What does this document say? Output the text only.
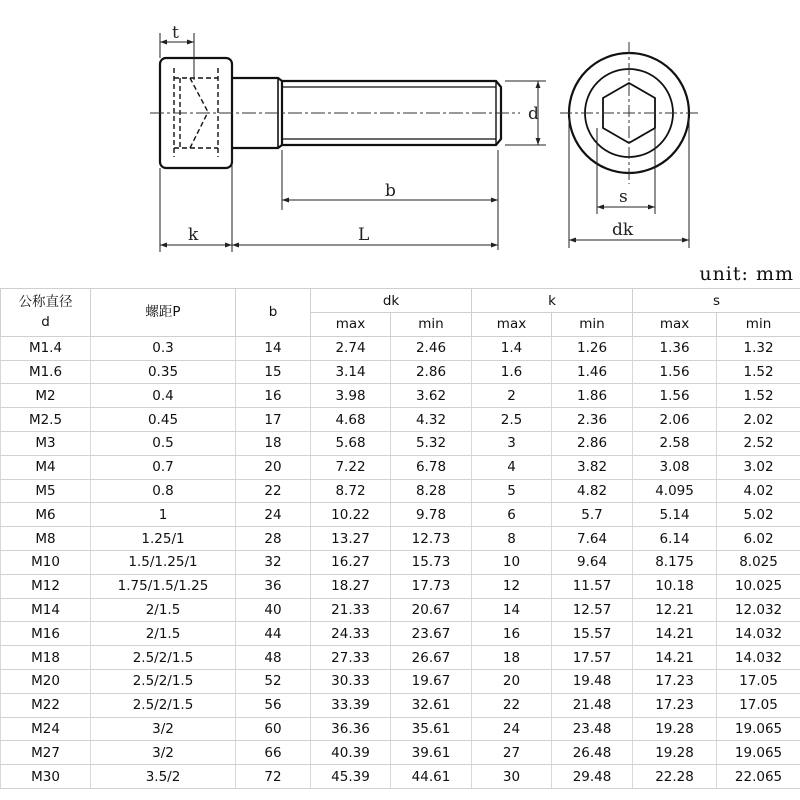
t
d
b
k	L
s
dk
unit: mm
公称直径
d	螺距P	b	dk		k		s	
			max	min	max	min	max	min
M1.4	0.3	14	2.74	2.46	1.4	1.26	1.36	1.32
M1.6	0.35	15	3.14	2.86	1.6	1.46	1.56	1.52
M2	0.4	16	3.98	3.62	2	1.86	1.56	1.52
M2.5	0.45	17	4.68	4.32	2.5	2.36	2.06	2.02
M3	0.5	18	5.68	5.32	3	2.86	2.58	2.52
M4	0.7	20	7.22	6.78	4	3.82	3.08	3.02
M5	0.8	22	8.72	8.28	5	4.82	4.095	4.02
M6	1	24	10.22	9.78	6	5.7	5.14	5.02
M8	1.25/1	28	13.27	12.73	8	7.64	6.14	6.02
M10	1.5/1.25/1	32	16.27	15.73	10	9.64	8.175	8.025
M12	1.75/1.5/1.25	36	18.27	17.73	12	11.57	10.18	10.025
M14	2/1.5	40	21.33	20.67	14	12.57	12.21	12.032
M16	2/1.5	44	24.33	23.67	16	15.57	14.21	14.032
M18	2.5/2/1.5	48	27.33	26.67	18	17.57	14.21	14.032
M20	2.5/2/1.5	52	30.33	19.67	20	19.48	17.23	17.05
M22	2.5/2/1.5	56	33.39	32.61	22	21.48	17.23	17.05
M24	3/2	60	36.36	35.61	24	23.48	19.28	19.065
M27	3/2	66	40.39	39.61	27	26.48	19.28	19.065
M30	3.5/2	72	45.39	44.61	30	29.48	22.28	22.065
